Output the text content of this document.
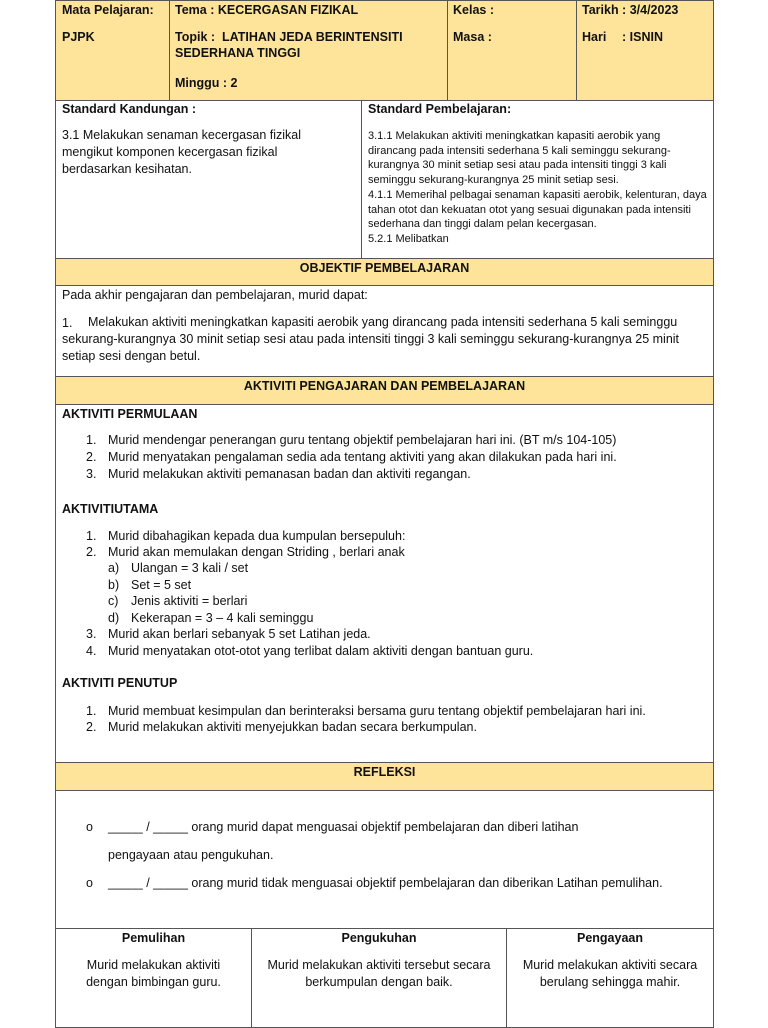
Mata Pelajaran:
PJPK
Tema : KECERGASAN FIZIKAL
Topik : LATIHAN JEDA BERINTENSITI
SEDERHANA TINGGI
Minggu : 2
Kelas :
Masa :
Tarikh : 3/4/2023
Hari : ISNIN
Standard Kandungan :
3.1 Melakukan senaman kecergasan fizikal mengikut komponen kecergasan fizikal berdasarkan kesihatan.
Standard Pembelajaran:
3.1.1 Melakukan aktiviti meningkatkan kapasiti aerobik yang dirancang pada intensiti sederhana 5 kali seminggu sekurang-kurangnya 30 minit setiap sesi atau pada intensiti tinggi 3 kali seminggu sekurang-kurangnya 25 minit setiap sesi.
4.1.1 Memerihal pelbagai senaman kapasiti aerobik, kelenturan, daya tahan otot dan kekuatan otot yang sesuai digunakan pada intensiti sederhana dan tinggi dalam pelan kecergasan.
5.2.1 Melibatkan
OBJEKTIF PEMBELAJARAN
Pada akhir pengajaran dan pembelajaran, murid dapat:
1.	Melakukan aktiviti meningkatkan kapasiti aerobik yang dirancang pada intensiti sederhana 5 kali seminggu sekurang-kurangnya 30 minit setiap sesi atau pada intensiti tinggi 3 kali seminggu sekurang-kurangnya 25 minit setiap sesi dengan betul.
AKTIVITI PENGAJARAN DAN PEMBELAJARAN
AKTIVITI PERMULAAN
1. Murid mendengar penerangan guru tentang objektif pembelajaran hari ini. (BT m/s 104-105)
2. Murid menyatakan pengalaman sedia ada tentang aktiviti yang akan dilakukan pada hari ini.
3. Murid melakukan aktiviti pemanasan badan dan aktiviti regangan.
AKTIVITIUTAMA
1. Murid dibahagikan kepada dua kumpulan bersepuluh:
2. Murid akan memulakan dengan Striding , berlari anak
a) Ulangan = 3 kali / set
b) Set = 5 set
c) Jenis aktiviti = berlari
d) Kekerapan = 3 – 4 kali seminggu
3. Murid akan berlari sebanyak 5 set Latihan jeda.
4. Murid menyatakan otot-otot yang terlibat dalam aktiviti dengan bantuan guru.
AKTIVITI PENUTUP
1. Murid membuat kesimpulan dan berinteraksi bersama guru tentang objektif pembelajaran hari ini.
2. Murid melakukan aktiviti menyejukkan badan secara berkumpulan.
REFLEKSI
o _____ / _____ orang murid dapat menguasai objektif pembelajaran dan diberi latihan
pengayaan atau pengukuhan.
o _____ / _____ orang murid tidak menguasai objektif pembelajaran dan diberikan Latihan pemulihan.
Pemulihan
Murid melakukan aktiviti
dengan bimbingan guru.
Pengukuhan
Murid melakukan aktiviti tersebut secara
berkumpulan dengan baik.
Pengayaan
Murid melakukan aktiviti secara
berulang sehingga mahir.
